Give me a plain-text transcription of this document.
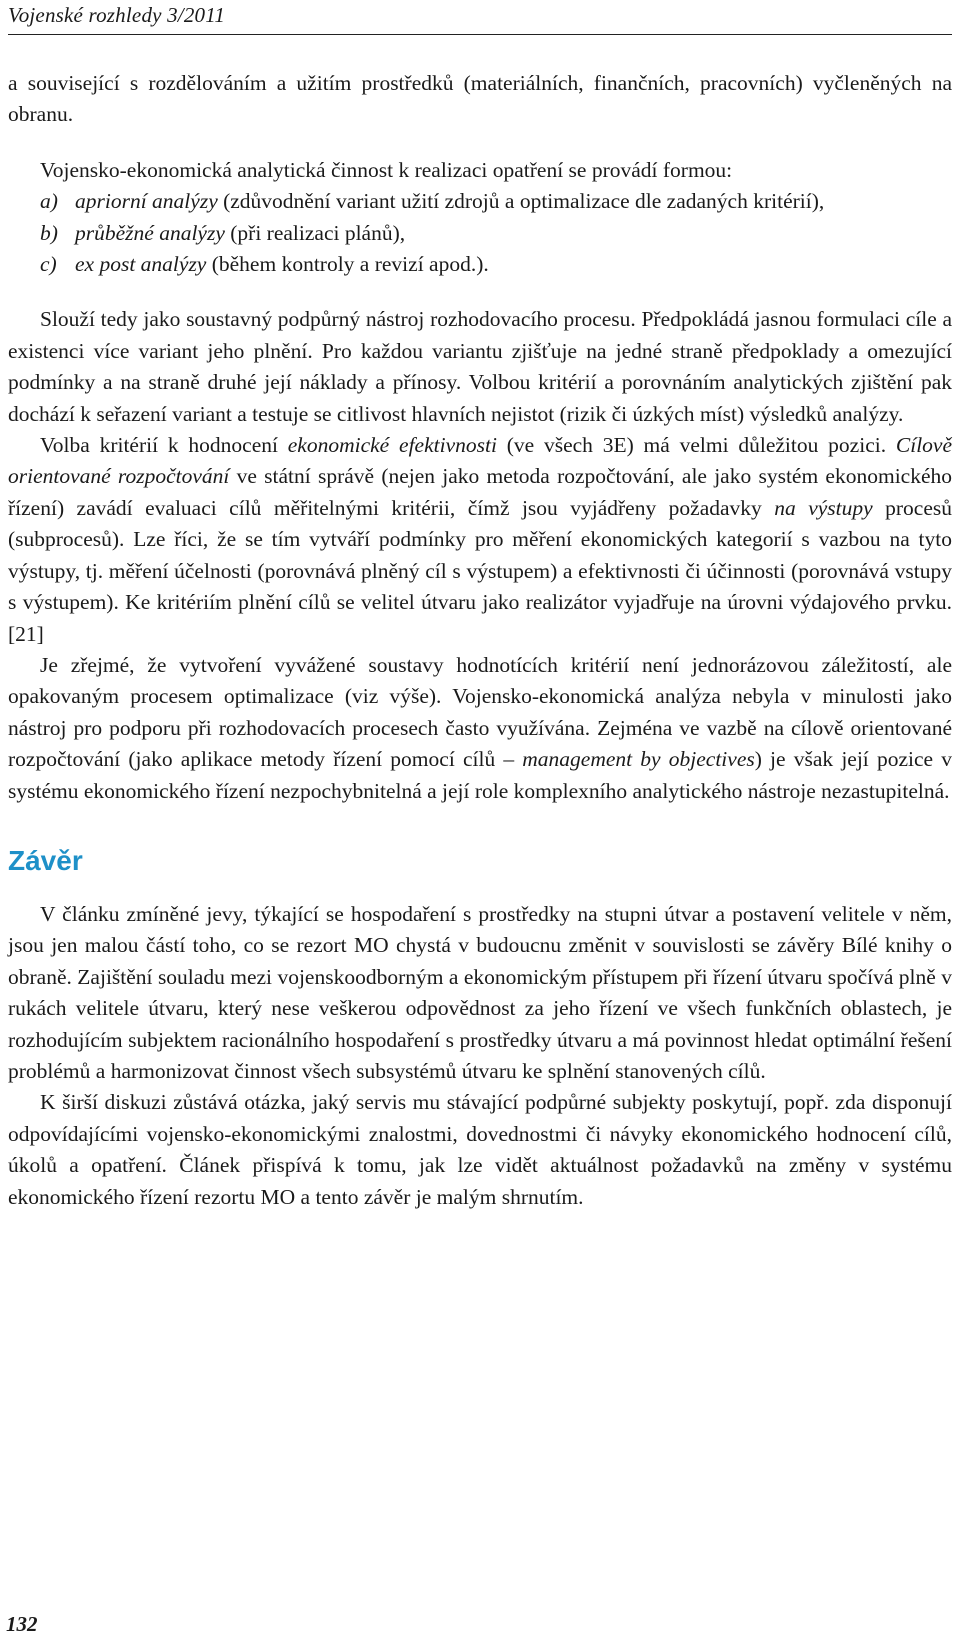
Vojenské rozhledy 3/2011

a související s rozdělováním a užitím prostředků (materiálních, finančních, pracovních) vyčleněných na obranu.

Vojensko-ekonomická analytická činnost k realizaci opatření se provádí formou:

a) apriorní analýzy (zdůvodnění variant užití zdrojů a optimalizace dle zadaných kritérií),
b) průběžné analýzy (při realizaci plánů),
c) ex post analýzy (během kontroly a revizí apod.).

Slouží tedy jako soustavný podpůrný nástroj rozhodovacího procesu. Předpokládá jasnou formulaci cíle a existenci více variant jeho plnění. Pro každou variantu zjišťuje na jedné straně předpoklady a omezující podmínky a na straně druhé její náklady a přínosy. Volbou kritérií a porovnáním analytických zjištění pak dochází k seřazení variant a testuje se citlivost hlavních nejistot (rizik či úzkých míst) výsledků analýzy.

Volba kritérií k hodnocení ekonomické efektivnosti (ve všech 3E) má velmi důležitou pozici. Cílově orientované rozpočtování ve státní správě (nejen jako metoda rozpočtování, ale jako systém ekonomického řízení) zavádí evaluaci cílů měřitelnými kritérii, čímž jsou vyjádřeny požadavky na výstupy procesů (subprocesů). Lze říci, že se tím vytváří podmínky pro měření ekonomických kategorií s vazbou na tyto výstupy, tj. měření účelnosti (porovnává plněný cíl s výstupem) a efektivnosti či účinnosti (porovnává vstupy s výstupem). Ke kritériím plnění cílů se velitel útvaru jako realizátor vyjadřuje na úrovni výdajového prvku. [21]

Je zřejmé, že vytvoření vyvážené soustavy hodnotících kritérií není jednorázovou záležitostí, ale opakovaným procesem optimalizace (viz výše). Vojensko-ekonomická analýza nebyla v minulosti jako nástroj pro podporu při rozhodovacích procesech často využívána. Zejména ve vazbě na cílově orientované rozpočtování (jako aplikace metody řízení pomocí cílů – management by objectives) je však její pozice v systému ekonomického řízení nezpochybnitelná a její role komplexního analytického nástroje nezastupitelná.

Závěr

V článku zmíněné jevy, týkající se hospodaření s prostředky na stupni útvar a postavení velitele v něm, jsou jen malou částí toho, co se rezort MO chystá v budoucnu změnit v souvislosti se závěry Bílé knihy o obraně. Zajištění souladu mezi vojenskoodborným a ekonomickým přístupem při řízení útvaru spočívá plně v rukách velitele útvaru, který nese veškerou odpovědnost za jeho řízení ve všech funkčních oblastech, je rozhodujícím subjektem racionálního hospodaření s prostředky útvaru a má povinnost hledat optimální řešení problémů a harmonizovat činnost všech subsystémů útvaru ke splnění stanovených cílů.

K širší diskuzi zůstává otázka, jaký servis mu stávající podpůrné subjekty poskytují, popř. zda disponují odpovídajícími vojensko-ekonomickými znalostmi, dovednostmi či návyky ekonomického hodnocení cílů, úkolů a opatření. Článek přispívá k tomu, jak lze vidět aktuálnost požadavků na změny v systému ekonomického řízení rezortu MO a tento závěr je malým shrnutím.

132
